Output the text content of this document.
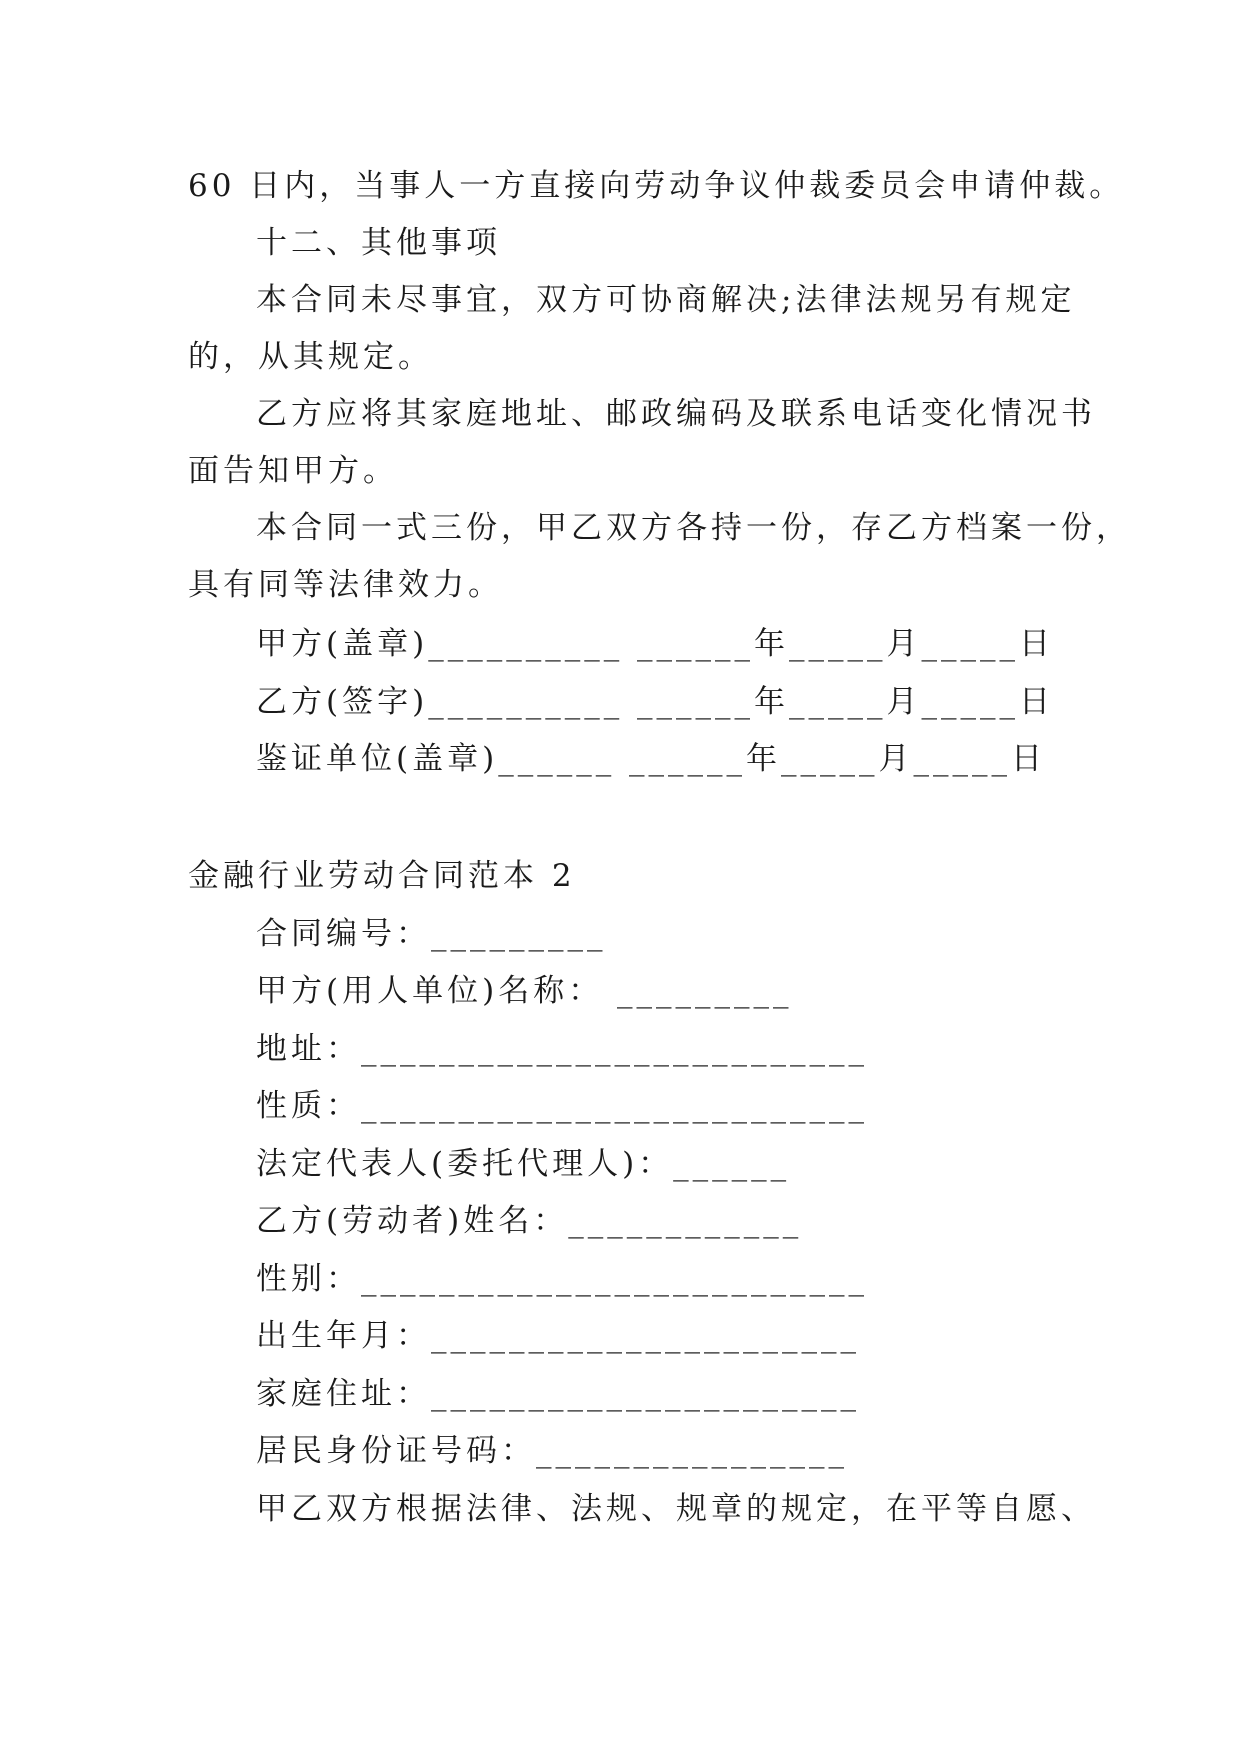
60 日内，当事人一方直接向劳动争议仲裁委员会申请仲裁。
十二、其他事项
本合同未尽事宜，双方可协商解决;法律法规另有规定
的，从其规定。
乙方应将其家庭地址、邮政编码及联系电话变化情况书
面告知甲方。
本合同一式三份，甲乙双方各持一份，存乙方档案一份，
具有同等法律效力。
甲方(盖章)__________ ______年_____月_____日
乙方(签字)__________ ______年_____月_____日
鉴证单位(盖章)______ ______年_____月_____日
金融行业劳动合同范本 2
合同编号：_________
甲方(用人单位)名称： _________
地址：__________________________
性质：__________________________
法定代表人(委托代理人)：______
乙方(劳动者)姓名：____________
性别：__________________________
出生年月：______________________
家庭住址：______________________
居民身份证号码：________________
甲乙双方根据法律、法规、规章的规定，在平等自愿、
